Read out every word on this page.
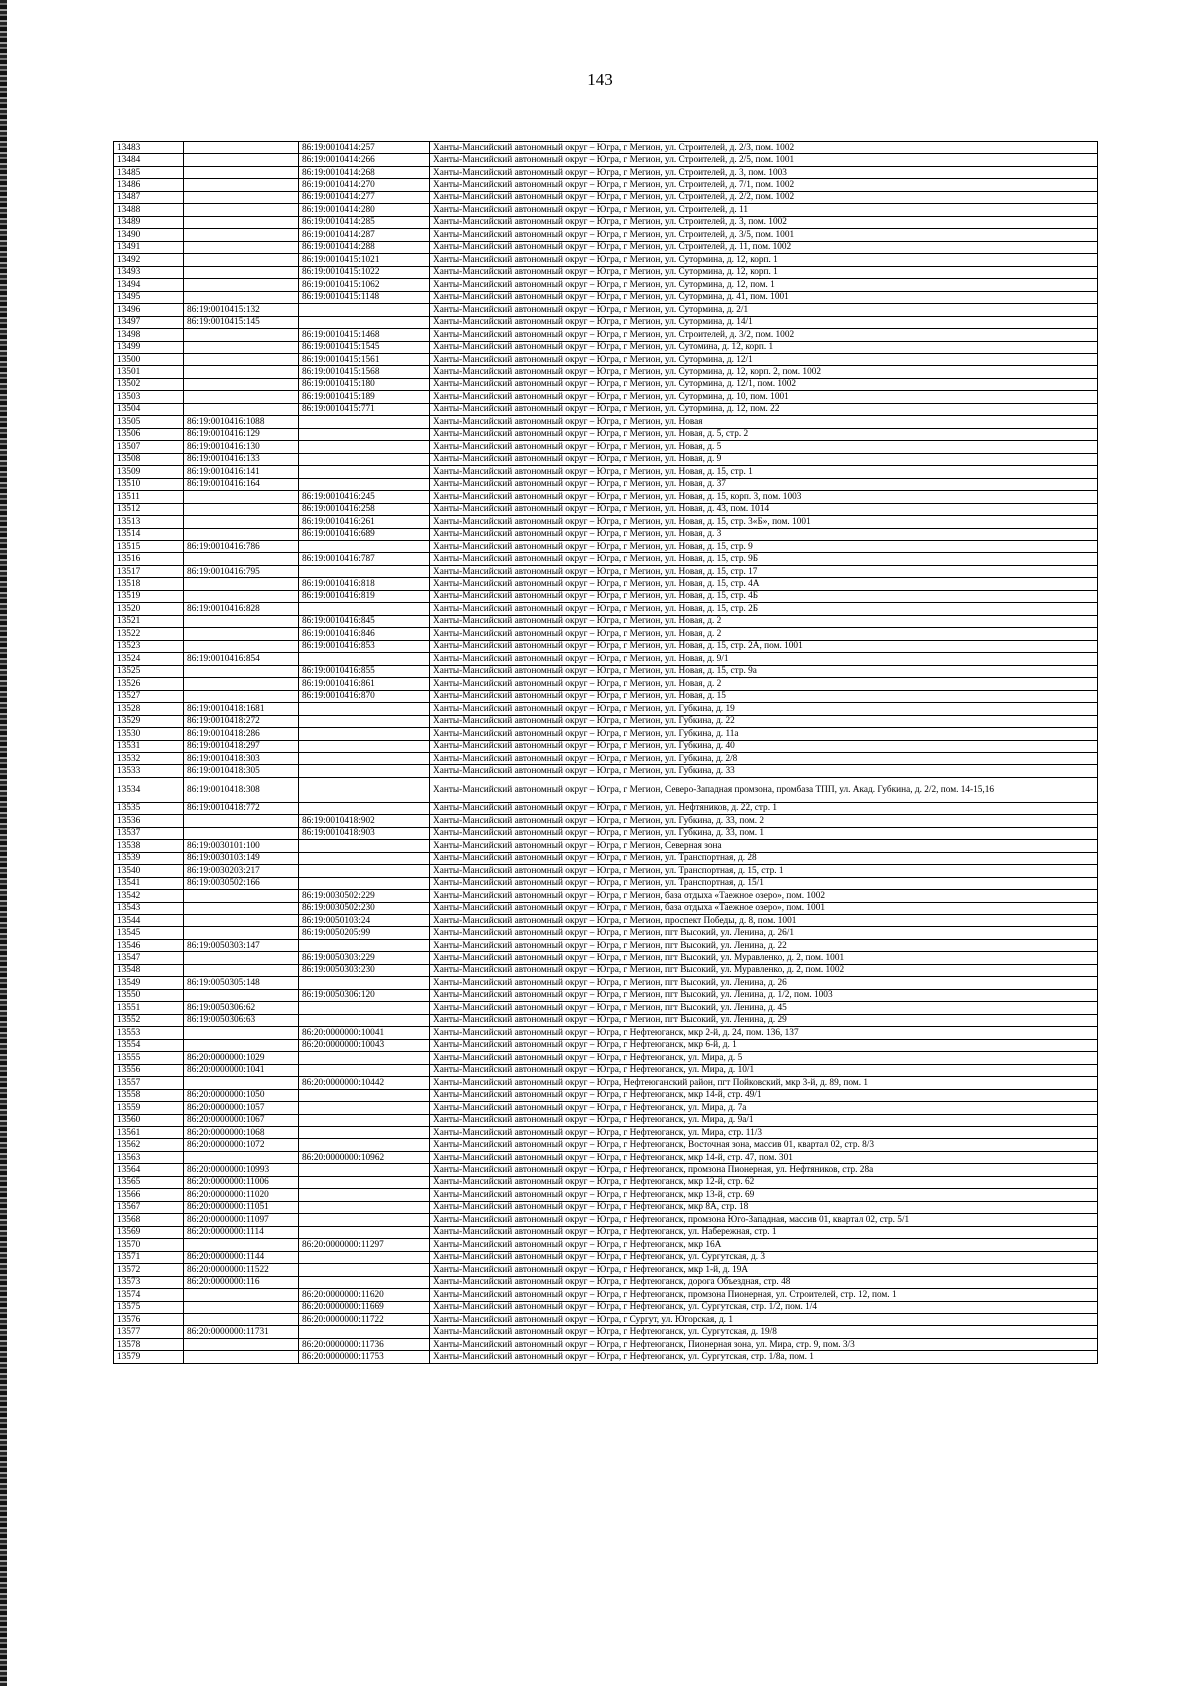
143
13483		86:19:0010414:257	Ханты-Мансийский автономный округ – Югра, г Мегион, ул. Строителей, д. 2/3, пом. 1002
13484		86:19:0010414:266	Ханты-Мансийский автономный округ – Югра, г Мегион, ул. Строителей, д. 2/5, пом. 1001
13485		86:19:0010414:268	Ханты-Мансийский автономный округ – Югра, г Мегион, ул. Строителей, д. 3, пом. 1003
13486		86:19:0010414:270	Ханты-Мансийский автономный округ – Югра, г Мегион, ул. Строителей, д. 7/1, пом. 1002
13487		86:19:0010414:277	Ханты-Мансийский автономный округ – Югра, г Мегион, ул. Строителей, д. 2/2, пом. 1002
13488		86:19:0010414:280	Ханты-Мансийский автономный округ – Югра, г Мегион, ул. Строителей, д. 11
13489		86:19:0010414:285	Ханты-Мансийский автономный округ – Югра, г Мегион, ул. Строителей, д. 3, пом. 1002
13490		86:19:0010414:287	Ханты-Мансийский автономный округ – Югра, г Мегион, ул. Строителей, д. 3/5, пом. 1001
13491		86:19:0010414:288	Ханты-Мансийский автономный округ – Югра, г Мегион, ул. Строителей, д. 11, пом. 1002
13492		86:19:0010415:1021	Ханты-Мансийский автономный округ – Югра, г Мегион, ул. Сутормина, д. 12, корп. 1
13493		86:19:0010415:1022	Ханты-Мансийский автономный округ – Югра, г Мегион, ул. Сутормина, д. 12, корп. 1
13494		86:19:0010415:1062	Ханты-Мансийский автономный округ – Югра, г Мегион, ул. Сутормина, д. 12, пом. 1
13495		86:19:0010415:1148	Ханты-Мансийский автономный округ – Югра, г Мегион, ул. Сутормина, д. 41, пом. 1001
13496	86:19:0010415:132		Ханты-Мансийский автономный округ – Югра, г Мегион, ул. Сутормина, д. 2/1
13497	86:19:0010415:145		Ханты-Мансийский автономный округ – Югра, г Мегион, ул. Сутормина, д. 14/1
13498		86:19:0010415:1468	Ханты-Мансийский автономный округ – Югра, г Мегион, ул. Строителей, д. 3/2, пом. 1002
13499		86:19:0010415:1545	Ханты-Мансийский автономный округ – Югра, г Мегион, ул. Сутомина, д. 12, корп. 1
13500		86:19:0010415:1561	Ханты-Мансийский автономный округ – Югра, г Мегион, ул. Сутормина, д. 12/1
13501		86:19:0010415:1568	Ханты-Мансийский автономный округ – Югра, г Мегион, ул. Сутормина, д. 12, корп. 2, пом. 1002
13502		86:19:0010415:180	Ханты-Мансийский автономный округ – Югра, г Мегион, ул. Сутормина, д. 12/1, пом. 1002
13503		86:19:0010415:189	Ханты-Мансийский автономный округ – Югра, г Мегион, ул. Сутормина, д. 10, пом. 1001
13504		86:19:0010415:771	Ханты-Мансийский автономный округ – Югра, г Мегион, ул. Сутормина, д. 12, пом. 22
13505	86:19:0010416:1088		Ханты-Мансийский автономный округ – Югра, г Мегион, ул. Новая
13506	86:19:0010416:129		Ханты-Мансийский автономный округ – Югра, г Мегион, ул. Новая, д. 5, стр. 2
13507	86:19:0010416:130		Ханты-Мансийский автономный округ – Югра, г Мегион, ул. Новая, д. 5
13508	86:19:0010416:133		Ханты-Мансийский автономный округ – Югра, г Мегион, ул. Новая, д. 9
13509	86:19:0010416:141		Ханты-Мансийский автономный округ – Югра, г Мегион, ул. Новая, д. 15, стр. 1
13510	86:19:0010416:164		Ханты-Мансийский автономный округ – Югра, г Мегион, ул. Новая, д. 37
13511		86:19:0010416:245	Ханты-Мансийский автономный округ – Югра, г Мегион, ул. Новая, д. 15, корп. 3, пом. 1003
13512		86:19:0010416:258	Ханты-Мансийский автономный округ – Югра, г Мегион, ул. Новая, д. 43, пом. 1014
13513		86:19:0010416:261	Ханты-Мансийский автономный округ – Югра, г Мегион, ул. Новая, д. 15, стр. 3«Б», пом. 1001
13514		86:19:0010416:689	Ханты-Мансийский автономный округ – Югра, г Мегион, ул. Новая, д. 3
13515	86:19:0010416:786		Ханты-Мансийский автономный округ – Югра, г Мегион, ул. Новая, д. 15, стр. 9
13516		86:19:0010416:787	Ханты-Мансийский автономный округ – Югра, г Мегион, ул. Новая, д. 15, стр. 9Б
13517	86:19:0010416:795		Ханты-Мансийский автономный округ – Югра, г Мегион, ул. Новая, д. 15, стр. 17
13518		86:19:0010416:818	Ханты-Мансийский автономный округ – Югра, г Мегион, ул. Новая, д. 15, стр. 4А
13519		86:19:0010416:819	Ханты-Мансийский автономный округ – Югра, г Мегион, ул. Новая, д. 15, стр. 4Б
13520	86:19:0010416:828		Ханты-Мансийский автономный округ – Югра, г Мегион, ул. Новая, д. 15, стр. 2Б
13521		86:19:0010416:845	Ханты-Мансийский автономный округ – Югра, г Мегион, ул. Новая, д. 2
13522		86:19:0010416:846	Ханты-Мансийский автономный округ – Югра, г Мегион, ул. Новая, д. 2
13523		86:19:0010416:853	Ханты-Мансийский автономный округ – Югра, г Мегион, ул. Новая, д. 15, стр. 2А, пом. 1001
13524	86:19:0010416:854		Ханты-Мансийский автономный округ – Югра, г Мегион, ул. Новая, д. 9/1
13525		86:19:0010416:855	Ханты-Мансийский автономный округ – Югра, г Мегион, ул. Новая, д. 15, стр. 9а
13526		86:19:0010416:861	Ханты-Мансийский автономный округ – Югра, г Мегион, ул. Новая, д. 2
13527		86:19:0010416:870	Ханты-Мансийский автономный округ – Югра, г Мегион, ул. Новая, д. 15
13528	86:19:0010418:1681		Ханты-Мансийский автономный округ – Югра, г Мегион, ул. Губкина, д. 19
13529	86:19:0010418:272		Ханты-Мансийский автономный округ – Югра, г Мегион, ул. Губкина, д. 22
13530	86:19:0010418:286		Ханты-Мансийский автономный округ – Югра, г Мегион, ул. Губкина, д. 11а
13531	86:19:0010418:297		Ханты-Мансийский автономный округ – Югра, г Мегион, ул. Губкина, д. 40
13532	86:19:0010418:303		Ханты-Мансийский автономный округ – Югра, г Мегион, ул. Губкина, д. 2/8
13533	86:19:0010418:305		Ханты-Мансийский автономный округ – Югра, г Мегион, ул. Губкина, д. 33
13534	86:19:0010418:308		Ханты-Мансийский автономный округ – Югра, г Мегион, Северо-Западная промзона, промбаза ТПП, ул. Акад. Губкина, д. 2/2, пом. 14-15,16
13535	86:19:0010418:772		Ханты-Мансийский автономный округ – Югра, г Мегион, ул. Нефтяников, д. 22, стр. 1
13536		86:19:0010418:902	Ханты-Мансийский автономный округ – Югра, г Мегион, ул. Губкина, д. 33, пом. 2
13537		86:19:0010418:903	Ханты-Мансийский автономный округ – Югра, г Мегион, ул. Губкина, д. 33, пом. 1
13538	86:19:0030101:100		Ханты-Мансийский автономный округ – Югра, г Мегион, Северная зона
13539	86:19:0030103:149		Ханты-Мансийский автономный округ – Югра, г Мегион, ул. Транспортная, д. 28
13540	86:19:0030203:217		Ханты-Мансийский автономный округ – Югра, г Мегион, ул. Транспортная, д. 15, стр. 1
13541	86:19:0030502:166		Ханты-Мансийский автономный округ – Югра, г Мегион, ул. Транспортная, д. 15/1
13542		86:19:0030502:229	Ханты-Мансийский автономный округ – Югра, г Мегион, база отдыха «Таежное озеро», пом. 1002
13543		86:19:0030502:230	Ханты-Мансийский автономный округ – Югра, г Мегион, база отдыха «Таежное озеро», пом. 1001
13544		86:19:0050103:24	Ханты-Мансийский автономный округ – Югра, г Мегион, проспект Победы, д. 8, пом. 1001
13545		86:19:0050205:99	Ханты-Мансийский автономный округ – Югра, г Мегион, пгт Высокий, ул. Ленина, д. 26/1
13546	86:19:0050303:147		Ханты-Мансийский автономный округ – Югра, г Мегион, пгт Высокий, ул. Ленина, д. 22
13547		86:19:0050303:229	Ханты-Мансийский автономный округ – Югра, г Мегион, пгт Высокий, ул. Муравленко, д. 2, пом. 1001
13548		86:19:0050303:230	Ханты-Мансийский автономный округ – Югра, г Мегион, пгт Высокий, ул. Муравленко, д. 2, пом. 1002
13549	86:19:0050305:148		Ханты-Мансийский автономный округ – Югра, г Мегион, пгт Высокий, ул. Ленина, д. 26
13550		86:19:0050306:120	Ханты-Мансийский автономный округ – Югра, г Мегион, пгт Высокий, ул. Ленина, д. 1/2, пом. 1003
13551	86:19:0050306:62		Ханты-Мансийский автономный округ – Югра, г Мегион, пгт Высокий, ул. Ленина, д. 45
13552	86:19:0050306:63		Ханты-Мансийский автономный округ – Югра, г Мегион, пгт Высокий, ул. Ленина, д. 29
13553		86:20:0000000:10041	Ханты-Мансийский автономный округ – Югра, г Нефтеюганск, мкр 2-й, д. 24, пом. 136, 137
13554		86:20:0000000:10043	Ханты-Мансийский автономный округ – Югра, г Нефтеюганск, мкр 6-й, д. 1
13555	86:20:0000000:1029		Ханты-Мансийский автономный округ – Югра, г Нефтеюганск, ул. Мира, д. 5
13556	86:20:0000000:1041		Ханты-Мансийский автономный округ – Югра, г Нефтеюганск, ул. Мира, д. 10/1
13557		86:20:0000000:10442	Ханты-Мансийский автономный округ – Югра, Нефтеюганский район, пгт Пойковский, мкр 3-й, д. 89, пом. 1
13558	86:20:0000000:1050		Ханты-Мансийский автономный округ – Югра, г Нефтеюганск, мкр 14-й, стр. 49/1
13559	86:20:0000000:1057		Ханты-Мансийский автономный округ – Югра, г Нефтеюганск, ул. Мира, д. 7а
13560	86:20:0000000:1067		Ханты-Мансийский автономный округ – Югра, г Нефтеюганск, ул. Мира, д. 9а/1
13561	86:20:0000000:1068		Ханты-Мансийский автономный округ – Югра, г Нефтеюганск, ул. Мира, стр. 11/3
13562	86:20:0000000:1072		Ханты-Мансийский автономный округ – Югра, г Нефтеюганск, Восточная зона, массив 01, квартал 02, стр. 8/3
13563		86:20:0000000:10962	Ханты-Мансийский автономный округ – Югра, г Нефтеюганск, мкр 14-й, стр. 47, пом. 301
13564	86:20:0000000:10993		Ханты-Мансийский автономный округ – Югра, г Нефтеюганск, промзона Пионерная, ул. Нефтяников, стр. 28а
13565	86:20:0000000:11006		Ханты-Мансийский автономный округ – Югра, г Нефтеюганск, мкр 12-й, стр. 62
13566	86:20:0000000:11020		Ханты-Мансийский автономный округ – Югра, г Нефтеюганск, мкр 13-й, стр. 69
13567	86:20:0000000:11051		Ханты-Мансийский автономный округ – Югра, г Нефтеюганск, мкр 8А, стр. 18
13568	86:20:0000000:11097		Ханты-Мансийский автономный округ – Югра, г Нефтеюганск, промзона Юго-Западная, массив 01, квартал 02, стр. 5/1
13569	86:20:0000000:1114		Ханты-Мансийский автономный округ – Югра, г Нефтеюганск, ул. Набережная, стр. 1
13570		86:20:0000000:11297	Ханты-Мансийский автономный округ – Югра, г Нефтеюганск, мкр 16А
13571	86:20:0000000:1144		Ханты-Мансийский автономный округ – Югра, г Нефтеюганск, ул. Сургутская, д. 3
13572	86:20:0000000:11522		Ханты-Мансийский автономный округ – Югра, г Нефтеюганск, мкр 1-й, д. 19А
13573	86:20:0000000:116		Ханты-Мансийский автономный округ – Югра, г Нефтеюганск, дорога Объездная, стр. 48
13574		86:20:0000000:11620	Ханты-Мансийский автономный округ – Югра, г Нефтеюганск, промзона Пионерная, ул. Строителей, стр. 12, пом. 1
13575		86:20:0000000:11669	Ханты-Мансийский автономный округ – Югра, г Нефтеюганск, ул. Сургутская, стр. 1/2, пом. 1/4
13576		86:20:0000000:11722	Ханты-Мансийский автономный округ – Югра, г Сургут, ул. Югорская, д. 1
13577	86:20:0000000:11731		Ханты-Мансийский автономный округ – Югра, г Нефтеюганск, ул. Сургутская, д. 19/8
13578		86:20:0000000:11736	Ханты-Мансийский автономный округ – Югра, г Нефтеюганск, Пионерная зона, ул. Мира, стр. 9, пом. 3/3
13579		86:20:0000000:11753	Ханты-Мансийский автономный округ – Югра, г Нефтеюганск, ул. Сургутская, стр. 1/8а, пом. 1
